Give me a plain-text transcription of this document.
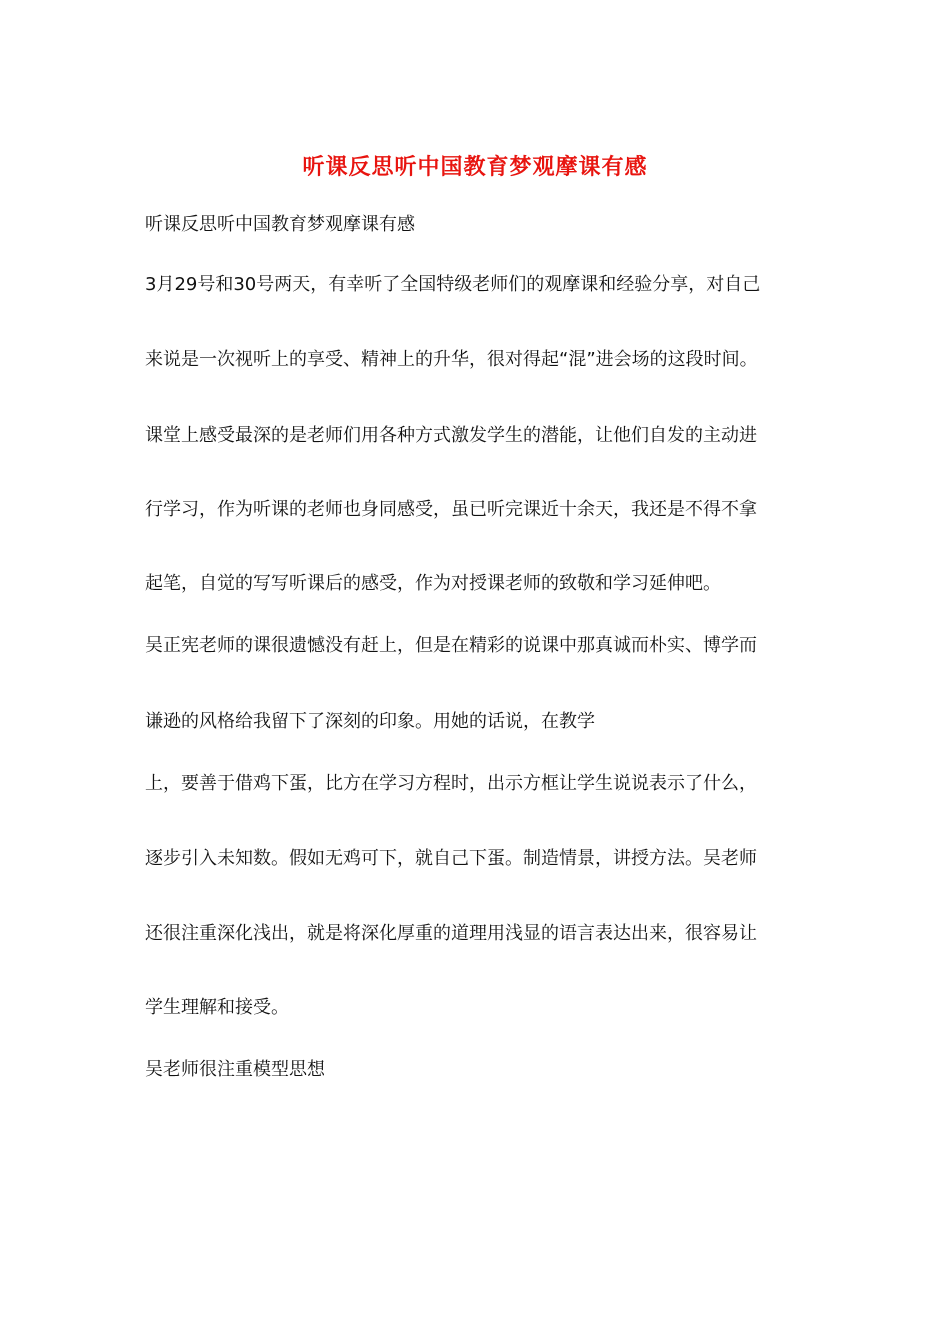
听课反思听中国教育梦观摩课有感
听课反思听中国教育梦观摩课有感
3月29号和30号两天，有幸听了全国特级老师们的观摩课和经验分享，对自己
来说是一次视听上的享受、精神上的升华，很对得起“混”进会场的这段时间。
课堂上感受最深的是老师们用各种方式激发学生的潜能，让他们自发的主动进
行学习，作为听课的老师也身同感受，虽已听完课近十余天，我还是不得不拿
起笔，自觉的写写听课后的感受，作为对授课老师的致敬和学习延伸吧。
吴正宪老师的课很遗憾没有赶上，但是在精彩的说课中那真诚而朴实、博学而
谦逊的风格给我留下了深刻的印象。用她的话说，在教学
上，要善于借鸡下蛋，比方在学习方程时，出示方框让学生说说表示了什么，
逐步引入未知数。假如无鸡可下，就自己下蛋。制造情景，讲授方法。吴老师
还很注重深化浅出，就是将深化厚重的道理用浅显的语言表达出来，很容易让
学生理解和接受。
吴老师很注重模型思想
